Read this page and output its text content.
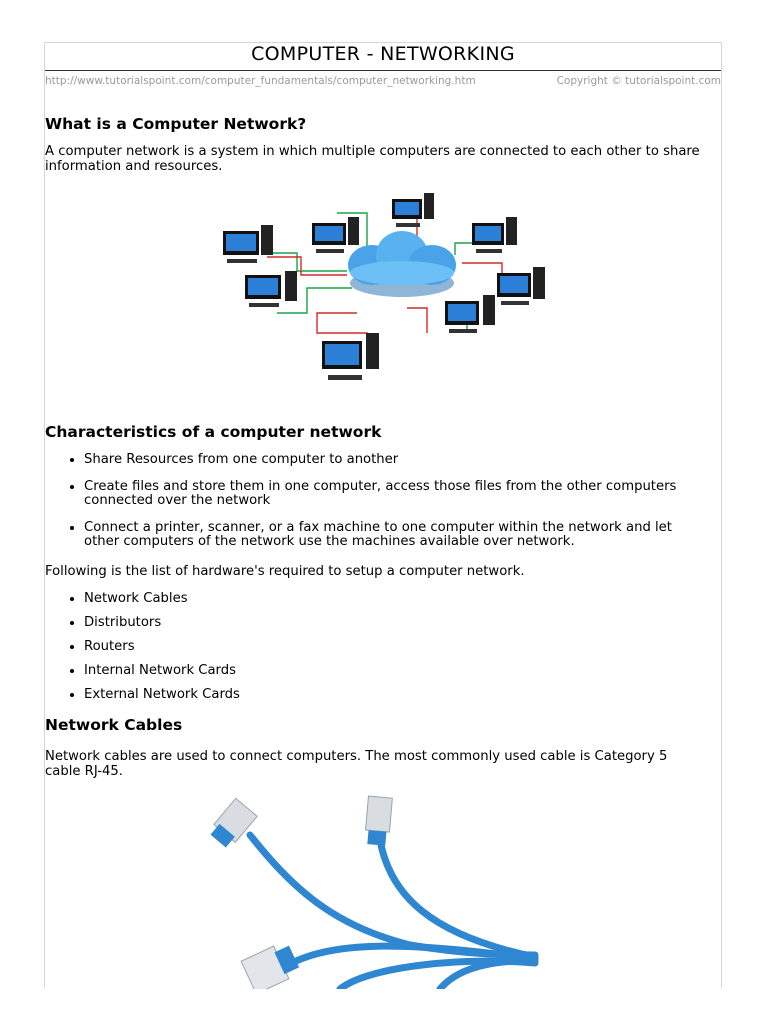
COMPUTER - NETWORKING
http://www.tutorialspoint.com/computer_fundamentals/computer_networking.htm	Copyright © tutorialspoint.com
What is a Computer Network?

A computer network is a system in which multiple computers are connected to each other to share
information and resources.

Characteristics of a computer network
Share Resources from one computer to another
Create files and store them in one computer, access those files from the other computers
connected over the network
Connect a printer, scanner, or a fax machine to one computer within the network and let
other computers of the network use the machines available over network.

Following is the list of hardware's required to setup a computer network.

Network Cables
Distributors
Routers
Internal Network Cards
External Network Cards
Network Cables

Network cables are used to connect computers. The most commonly used cable is Category 5
cable RJ-45.
